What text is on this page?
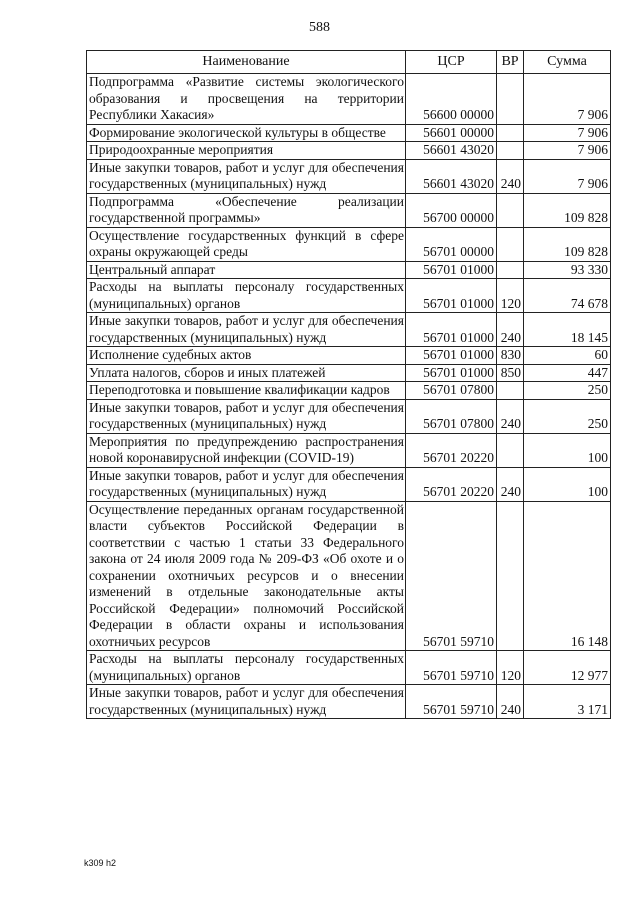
588
Наименование	ЦСР	ВР	Сумма
Подпрограмма «Развитие системы экологического образования и просвещения на территории Республики Хакасия»	56600 00000		7 906
Формирование экологической культуры в обществе	56601 00000		7 906
Природоохранные мероприятия	56601 43020		7 906
Иные закупки товаров, работ и услуг для обеспечения государственных (муниципальных) нужд	56601 43020	240	7 906
Подпрограмма «Обеспечение реализации государственной программы»	56700 00000		109 828
Осуществление государственных функций в сфере охраны окружающей среды	56701 00000		109 828
Центральный аппарат	56701 01000		93 330
Расходы на выплаты персоналу государственных (муниципальных) органов	56701 01000	120	74 678
Иные закупки товаров, работ и услуг для обеспечения государственных (муниципальных) нужд	56701 01000	240	18 145
Исполнение судебных актов	56701 01000	830	60
Уплата налогов, сборов и иных платежей	56701 01000	850	447
Переподготовка и повышение квалификации кадров	56701 07800		250
Иные закупки товаров, работ и услуг для обеспечения государственных (муниципальных) нужд	56701 07800	240	250
Мероприятия по предупреждению распространения новой коронавирусной инфекции (COVID-19)	56701 20220		100
Иные закупки товаров, работ и услуг для обеспечения государственных (муниципальных) нужд	56701 20220	240	100
Осуществление переданных органам государственной власти субъектов Российской Федерации в соответствии с частью 1 статьи 33 Федерального закона от 24 июля 2009 года № 209-ФЗ «Об охоте и о сохранении охотничьих ресурсов и о внесении изменений в отдельные законодательные акты Российской Федерации» полномочий Российской Федерации в области охраны и использования охотничьих ресурсов	56701 59710		16 148
Расходы на выплаты персоналу государственных (муниципальных) органов	56701 59710	120	12 977
Иные закупки товаров, работ и услуг для обеспечения государственных (муниципальных) нужд	56701 59710	240	3 171
k309 h2
